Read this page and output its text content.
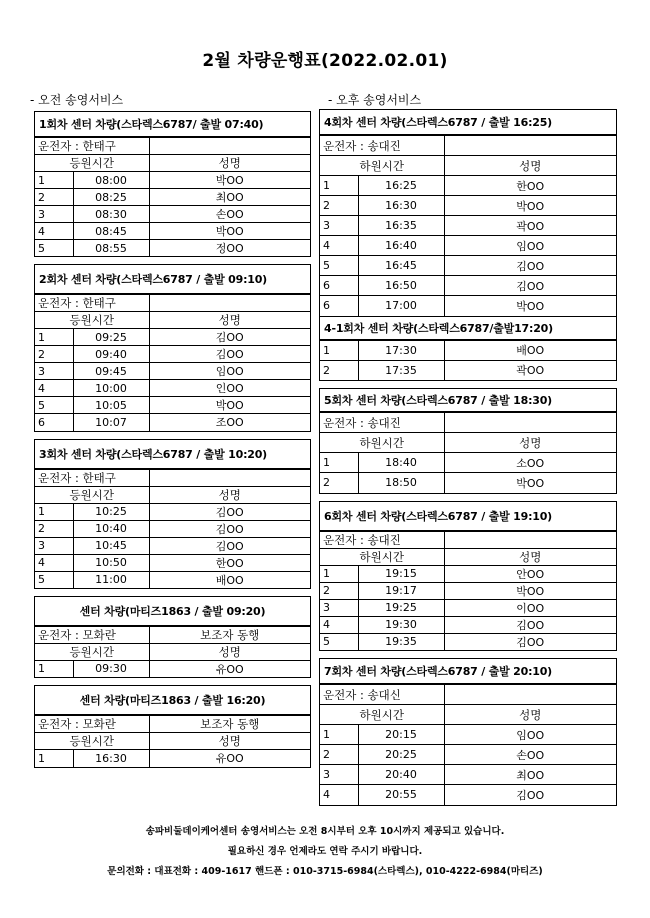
2월 차량운행표(2022.02.01)
- 오전 송영서비스	- 오후 송영서비스
1회차 센터 차량(스타렉스6787/ 출발 07:40)
운전자 : 한태구		
등원시간		성명
1	08:00	박OO
2	08:25	최OO
3	08:30	손OO
4	08:45	박OO
5	08:55	정OO
2회차 센터 차량(스타렉스6787 / 출발 09:10)
운전자 : 한태구		
등원시간		성명
1	09:25	김OO
2	09:40	김OO
3	09:45	임OO
4	10:00	인OO
5	10:05	박OO
6	10:07	조OO
3회차 센터 차량(스타렉스6787 / 출발 10:20)
운전자 : 한태구		
등원시간		성명
1	10:25	김OO
2	10:40	김OO
3	10:45	김OO
4	10:50	한OO
5	11:00	배OO
센터 차량(마티즈1863 / 출발 09:20)
운전자 : 모화란		보조자 동행
등원시간		성명
1	09:30	유OO
센터 차량(마티즈1863 / 출발 16:20)
운전자 : 모화란		보조자 동행
등원시간		성명
1	16:30	유OO
4회차 센터 차량(스타렉스6787 / 출발 16:25)
운전자 : 송대진		
하원시간		성명
1	16:25	한OO
2	16:30	박OO
3	16:35	곽OO
4	16:40	임OO
5	16:45	김OO
6	16:50	김OO
6	17:00	박OO
4-1회차 센터 차량(스타렉스6787/출발17:20)
1	17:30	배OO
2	17:35	곽OO
5회차 센터 차량(스타렉스6787 / 출발 18:30)
운전자 : 송대진		
하원시간		성명
1	18:40	소OO
2	18:50	박OO
6회차 센터 차량(스타렉스6787 / 출발 19:10)
운전자 : 송대진		
하원시간		성명
1	19:15	안OO
2	19:17	박OO
3	19:25	이OO
4	19:30	김OO
5	19:35	김OO
7회차 센터 차량(스타렉스6787 / 출발 20:10)
운전자 : 송대신		
하원시간		성명
1	20:15	임OO
2	20:25	손OO
3	20:40	최OO
4	20:55	김OO
송파비둘데이케어센터 송영서비스는 오전 8시부터 오후 10시까지 제공되고 있습니다.
필요하신 경우 언제라도 연락 주시기 바랍니다.
문의전화 : 대표전화 : 409-1617 핸드폰 : 010-3715-6984(스타렉스), 010-4222-6984(마티즈)
